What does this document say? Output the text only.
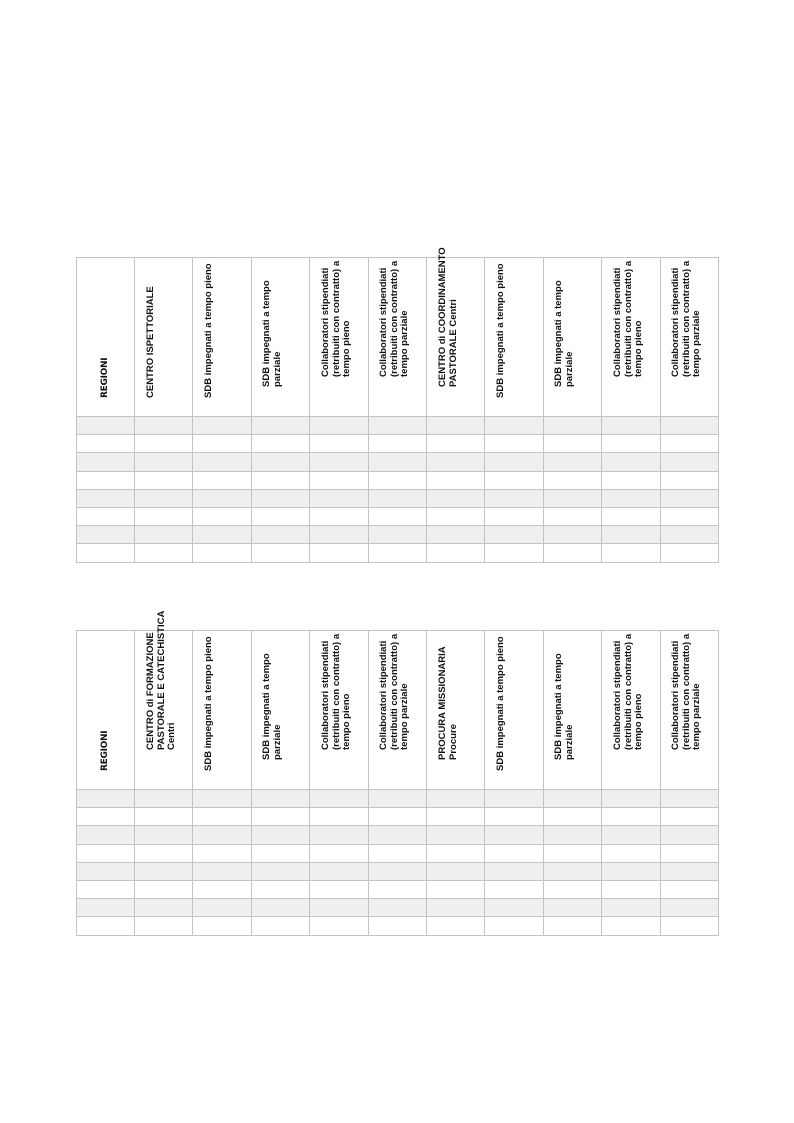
REGIONI	CENTRO ISPETTORIALE	SDB impegnati a tempo pieno	SDB impegnati a tempo parziale	Collaboratori stipendiati (retribuiti con contratto) a tempo pieno	Collaboratori stipendiati (retribuiti con contratto) a tempo parziale	CENTRO di COORDINAMENTO PASTORALE Centri	SDB impegnati a tempo pieno	SDB impegnati a tempo parziale	Collaboratori stipendiati (retribuiti con contratto) a tempo pieno	Collaboratori stipendiati (retribuiti con contratto) a tempo parziale

REGIONI	CENTRO di FORMAZIONE PASTORALE E CATECHISTICA Centri	SDB impegnati a tempo pieno	SDB impegnati a tempo parziale	Collaboratori stipendiati (retribuiti con contratto) a tempo pieno	Collaboratori stipendiati (retribuiti con contratto) a tempo parziale	PROCURA MISSIONARIA Procure	SDB impegnati a tempo pieno	SDB impegnati a tempo parziale	Collaboratori stipendiati (retribuiti con contratto) a tempo pieno	Collaboratori stipendiati (retribuiti con contratto) a tempo parziale
